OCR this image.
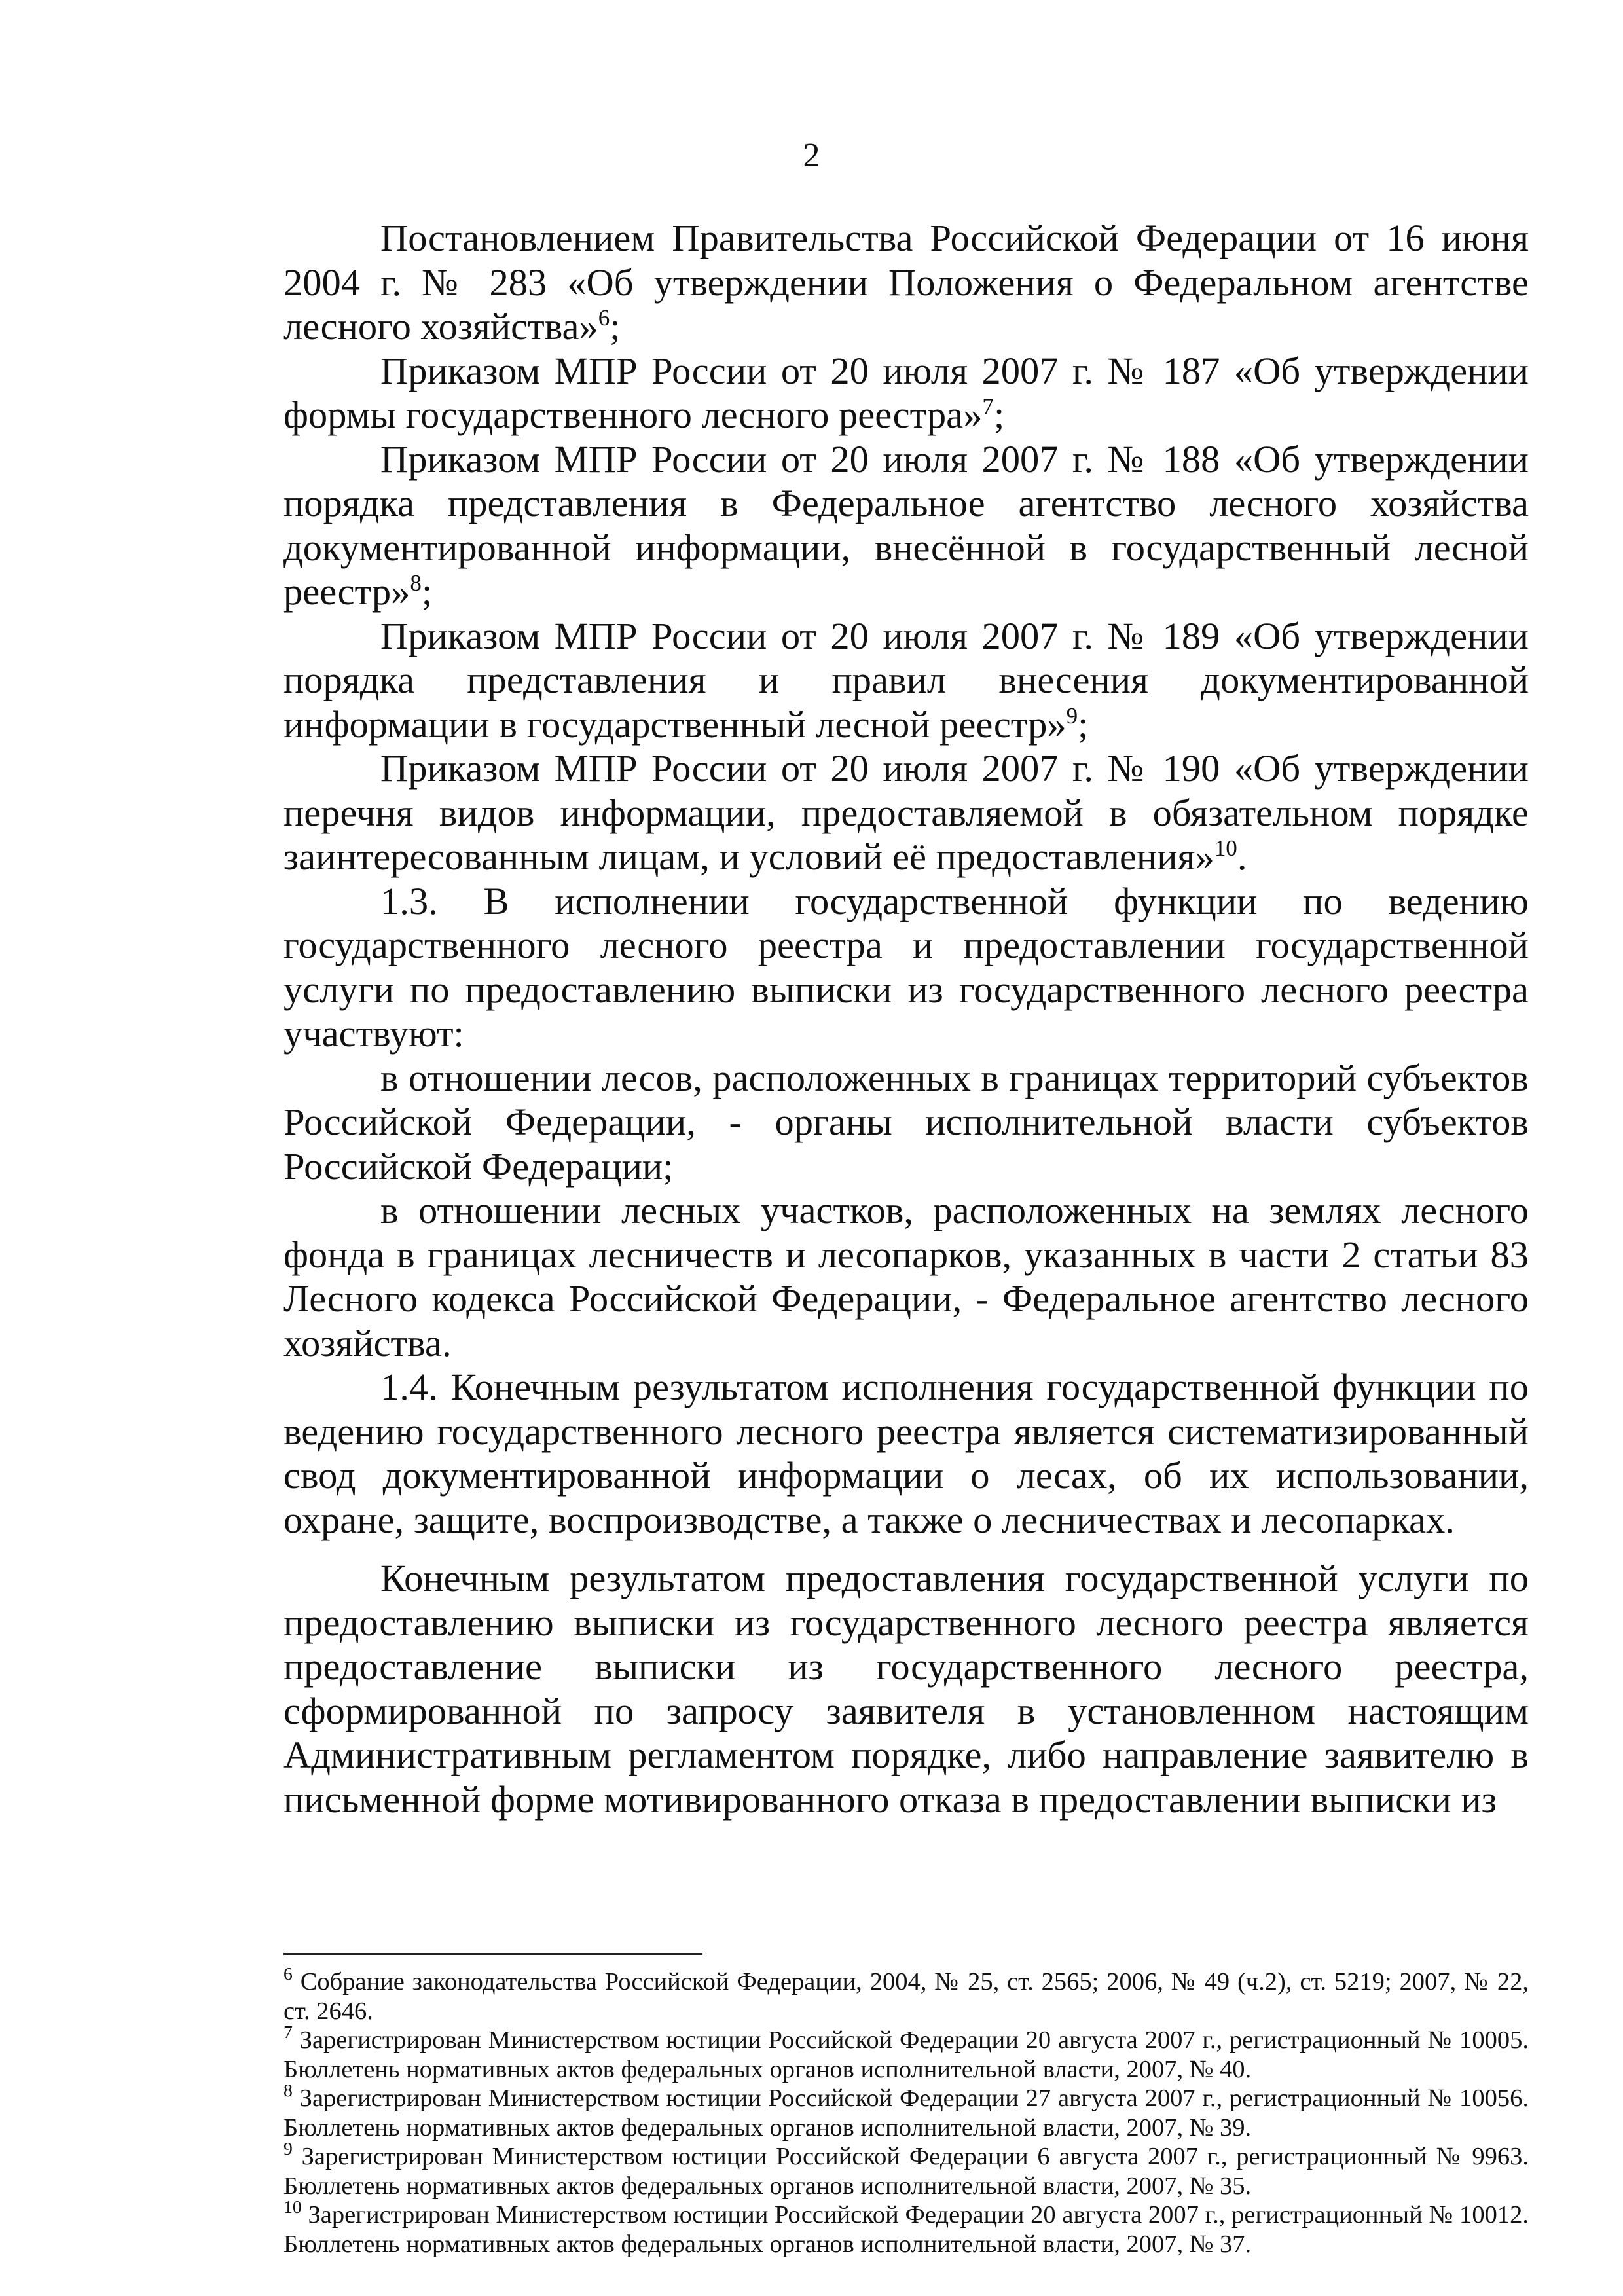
2

Постановлением Правительства Российской Федерации от 16 июня 2004 г. № 283 «Об утверждении Положения о Федеральном агентстве лесного хозяйства»$^6$;

Приказом МПР России от 20 июля 2007 г. № 187 «Об утверждении формы государственного лесного реестра»$^7$;

Приказом МПР России от 20 июля 2007 г. № 188 «Об утверждении порядка представления в Федеральное агентство лесного хозяйства документированной информации, внесённой в государственный лесной реестр»$^8$;

Приказом МПР России от 20 июля 2007 г. № 189 «Об утверждении порядка представления и правил внесения документированной информации в государственный лесной реестр»$^9$;

Приказом МПР России от 20 июля 2007 г. № 190 «Об утверждении перечня видов информации, предоставляемой в обязательном порядке заинтересованным лицам, и условий её предоставления»$^{10}$.

1.3. В исполнении государственной функции по ведению государственного лесного реестра и предоставлении государственной услуги по предоставлению выписки из государственного лесного реестра участвуют:

в отношении лесов, расположенных в границах территорий субъектов Российской Федерации, - органы исполнительной власти субъектов Российской Федерации;

в отношении лесных участков, расположенных на землях лесного фонда в границах лесничеств и лесопарков, указанных в части 2 статьи 83 Лесного кодекса Российской Федерации, - Федеральное агентство лесного хозяйства.

1.4. Конечным результатом исполнения государственной функции по ведению государственного лесного реестра является систематизированный свод документированной информации о лесах, об их использовании, охране, защите, воспроизводстве, а также о лесничествах и лесопарках.

Конечным результатом предоставления государственной услуги по предоставлению выписки из государственного лесного реестра является предоставление выписки из государственного лесного реестра, сформированной по запросу заявителя в установленном настоящим Административным регламентом порядке, либо направление заявителю в письменной форме мотивированного отказа в предоставлении выписки из

$^6$ Собрание законодательства Российской Федерации, 2004, № 25, ст. 2565; 2006, № 49 (ч.2), ст. 5219; 2007, № 22, ст. 2646.

$^7$ Зарегистрирован Министерством юстиции Российской Федерации 20 августа 2007 г., регистрационный № 10005. Бюллетень нормативных актов федеральных органов исполнительной власти, 2007, № 40.

$^8$ Зарегистрирован Министерством юстиции Российской Федерации 27 августа 2007 г., регистрационный № 10056. Бюллетень нормативных актов федеральных органов исполнительной власти, 2007, № 39.

$^9$ Зарегистрирован Министерством юстиции Российской Федерации 6 августа 2007 г., регистрационный № 9963. Бюллетень нормативных актов федеральных органов исполнительной власти, 2007, № 35.

$^{10}$ Зарегистрирован Министерством юстиции Российской Федерации 20 августа 2007 г., регистрационный № 10012. Бюллетень нормативных актов федеральных органов исполнительной власти, 2007, № 37.
